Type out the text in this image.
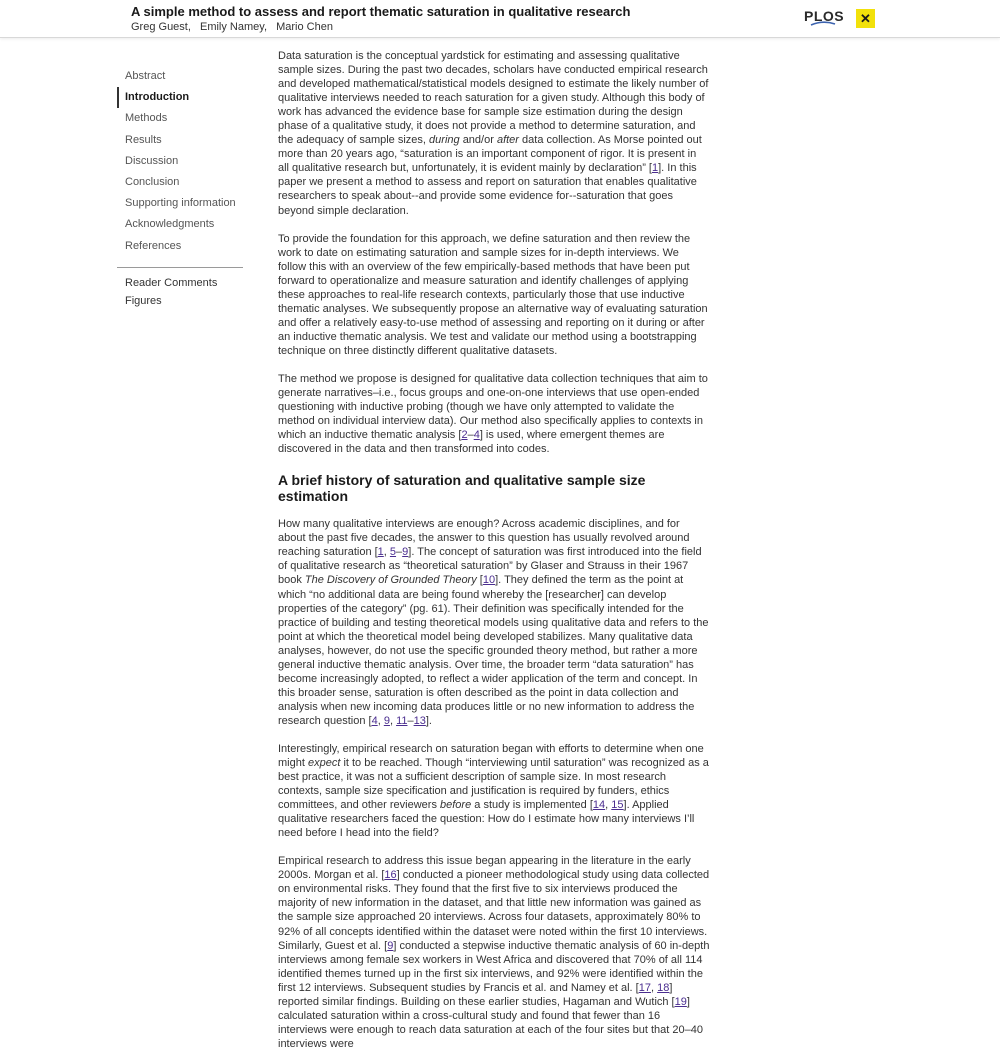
A simple method to assess and report thematic saturation in qualitative research
Greg Guest, Emily Namey, Mario Chen
PLOS	✕
Abstract
Introduction
Methods
Results
Discussion
Conclusion
Supporting information
Acknowledgments
References
Reader Comments
Figures

Data saturation is the conceptual yardstick for estimating and assessing qualitative sample sizes. During the past two decades, scholars have conducted empirical research and developed mathematical/statistical models designed to estimate the likely number of qualitative interviews needed to reach saturation for a given study. Although this body of work has advanced the evidence base for sample size estimation during the design phase of a qualitative study, it does not provide a method to determine saturation, and the adequacy of sample sizes, during and/or after data collection. As Morse pointed out more than 20 years ago, “saturation is an important component of rigor. It is present in all qualitative research but, unfortunately, it is evident mainly by declaration” [1]. In this paper we present a method to assess and report on saturation that enables qualitative researchers to speak about--and provide some evidence for--saturation that goes beyond simple declaration.

To provide the foundation for this approach, we define saturation and then review the work to date on estimating saturation and sample sizes for in-depth interviews. We follow this with an overview of the few empirically-based methods that have been put forward to operationalize and measure saturation and identify challenges of applying these approaches to real-life research contexts, particularly those that use inductive thematic analyses. We subsequently propose an alternative way of evaluating saturation and offer a relatively easy-to-use method of assessing and reporting on it during or after an inductive thematic analysis. We test and validate our method using a bootstrapping technique on three distinctly different qualitative datasets.

The method we propose is designed for qualitative data collection techniques that aim to generate narratives–i.e., focus groups and one-on-one interviews that use open-ended questioning with inductive probing (though we have only attempted to validate the method on individual interview data). Our method also specifically applies to contexts in which an inductive thematic analysis [2–4] is used, where emergent themes are discovered in the data and then transformed into codes.

A brief history of saturation and qualitative sample size estimation

How many qualitative interviews are enough? Across academic disciplines, and for about the past five decades, the answer to this question has usually revolved around reaching saturation [1, 5–9]. The concept of saturation was first introduced into the field of qualitative research as “theoretical saturation” by Glaser and Strauss in their 1967 book The Discovery of Grounded Theory [10]. They defined the term as the point at which “no additional data are being found whereby the [researcher] can develop properties of the category” (pg. 61). Their definition was specifically intended for the practice of building and testing theoretical models using qualitative data and refers to the point at which the theoretical model being developed stabilizes. Many qualitative data analyses, however, do not use the specific grounded theory method, but rather a more general inductive thematic analysis. Over time, the broader term “data saturation” has become increasingly adopted, to reflect a wider application of the term and concept. In this broader sense, saturation is often described as the point in data collection and analysis when new incoming data produces little or no new information to address the research question [4, 9, 11–13].

Interestingly, empirical research on saturation began with efforts to determine when one might expect it to be reached. Though “interviewing until saturation” was recognized as a best practice, it was not a sufficient description of sample size. In most research contexts, sample size specification and justification is required by funders, ethics committees, and other reviewers before a study is implemented [14, 15]. Applied qualitative researchers faced the question: How do I estimate how many interviews I’ll need before I head into the field?

Empirical research to address this issue began appearing in the literature in the early 2000s. Morgan et al. [16] conducted a pioneer methodological study using data collected on environmental risks. They found that the first five to six interviews produced the majority of new information in the dataset, and that little new information was gained as the sample size approached 20 interviews. Across four datasets, approximately 80% to 92% of all concepts identified within the dataset were noted within the first 10 interviews. Similarly, Guest et al. [9] conducted a stepwise inductive thematic analysis of 60 in-depth interviews among female sex workers in West Africa and discovered that 70% of all 114 identified themes turned up in the first six interviews, and 92% were identified within the first 12 interviews. Subsequent studies by Francis et al. and Namey et al. [17, 18] reported similar findings. Building on these earlier studies, Hagaman and Wutich [19] calculated saturation within a cross-cultural study and found that fewer than 16 interviews were enough to reach data saturation at each of the four sites but that 20–40 interviews were
